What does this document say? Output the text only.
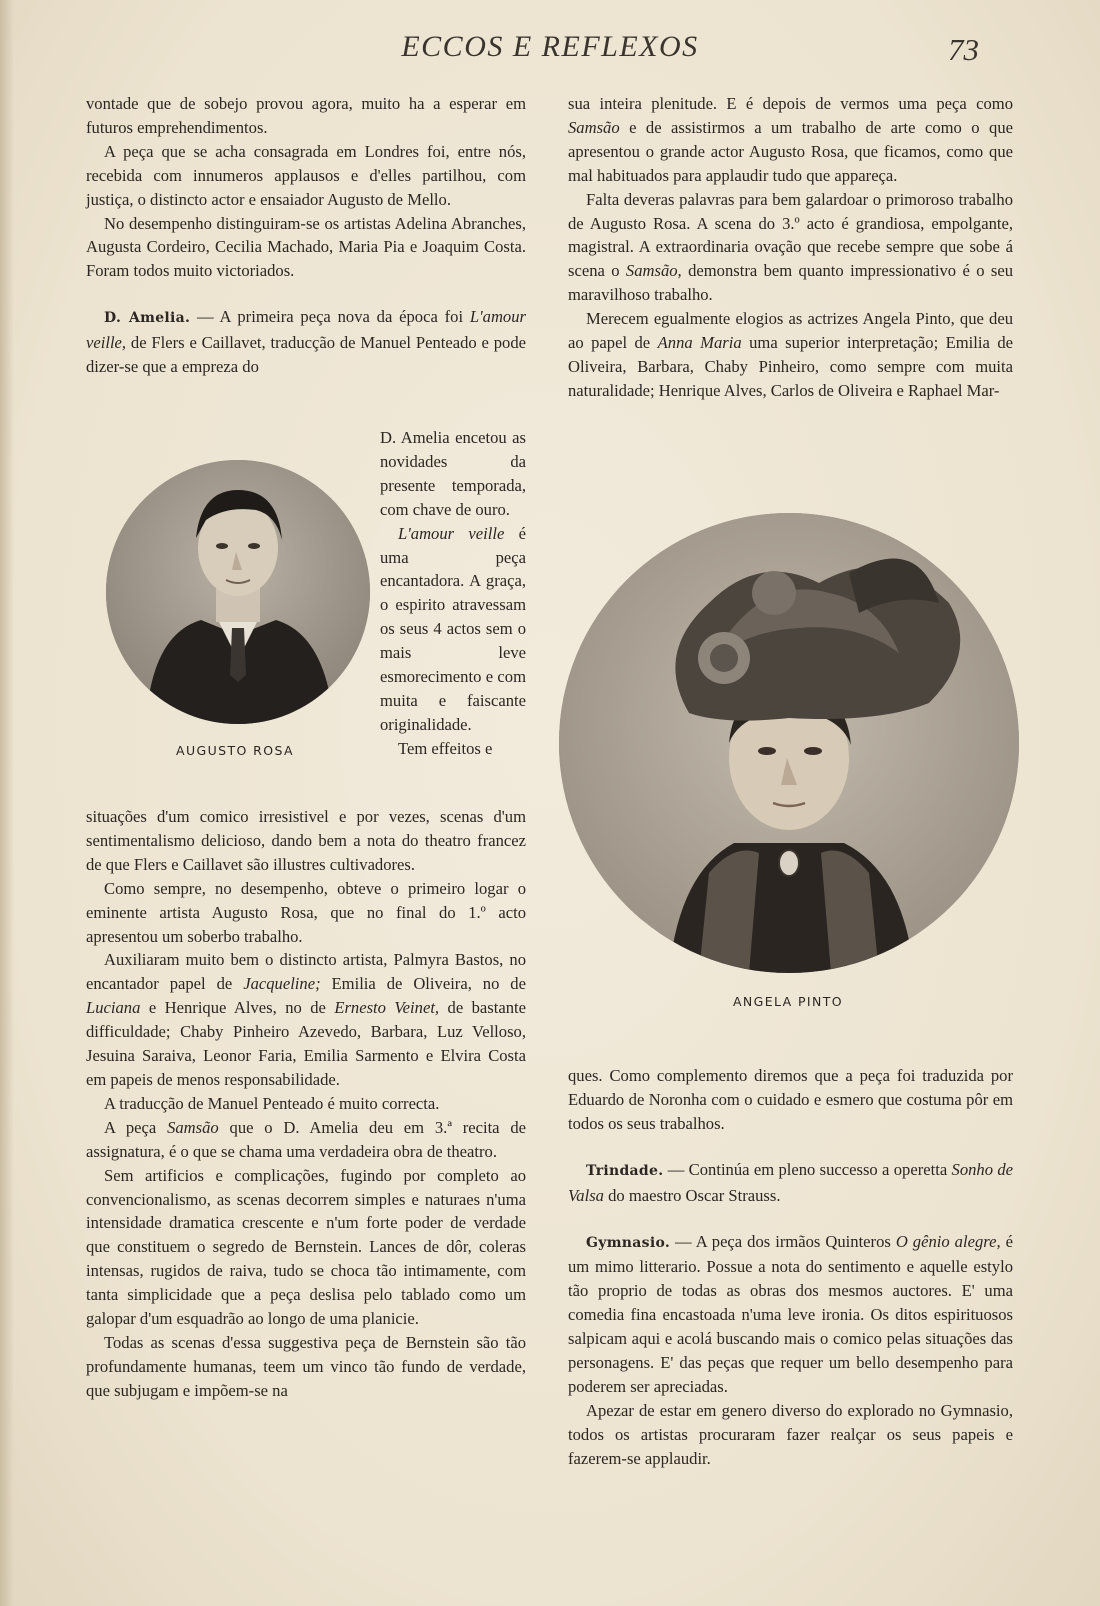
ECCOS E REFLEXOS	73

vontade que de sobejo provou agora, muito ha a esperar em futuros emprehendimentos.

A peça que se acha consagrada em Londres foi, entre nós, recebida com innumeros applausos e d'elles partilhou, com justiça, o distincto actor e ensaiador Augusto de Mello.

No desempenho distinguiram-se os artistas Adelina Abranches, Augusta Cordeiro, Cecilia Machado, Maria Pia e Joaquim Costa. Foram todos muito victoriados.

D. Amelia. — A primeira peça nova da época foi L'amour veille, de Flers e Caillavet, traducção de Manuel Penteado e pode dizer-se que a empreza do

AUGUSTO ROSA

D. Amelia encetou as novidades da presente temporada, com chave de ouro.

L'amour veille é uma peça encantadora. A graça, o espirito atravessam os seus 4 actos sem o mais leve esmorecimento e com muita e faiscante originalidade.

Tem effeitos e

situações d'um comico irresistivel e por vezes, scenas d'um sentimentalismo delicioso, dando bem a nota do theatro francez de que Flers e Caillavet são illustres cultivadores.

Como sempre, no desempenho, obteve o primeiro logar o eminente artista Augusto Rosa, que no final do 1.º acto apresentou um soberbo trabalho.

Auxiliaram muito bem o distincto artista, Palmyra Bastos, no encantador papel de Jacqueline; Emilia de Oliveira, no de Luciana e Henrique Alves, no de Ernesto Veinet, de bastante difficuldade; Chaby Pinheiro Azevedo, Barbara, Luz Velloso, Jesuina Saraiva, Leonor Faria, Emilia Sarmento e Elvira Costa em papeis de menos responsabilidade.

A traducção de Manuel Penteado é muito correcta.

A peça Samsão que o D. Amelia deu em 3.ª recita de assignatura, é o que se chama uma verdadeira obra de theatro.

Sem artificios e complicações, fugindo por completo ao convencionalismo, as scenas decorrem simples e naturaes n'uma intensidade dramatica crescente e n'um forte poder de verdade que constituem o segredo de Bernstein. Lances de dôr, coleras intensas, rugidos de raiva, tudo se choca tão intimamente, com tanta simplicidade que a peça deslisa pelo tablado como um galopar d'um esquadrão ao longo de uma planicie.

Todas as scenas d'essa suggestiva peça de Bernstein são tão profundamente humanas, teem um vinco tão fundo de verdade, que subjugam e impõem-se na

sua inteira plenitude. E é depois de vermos uma peça como Samsão e de assistirmos a um trabalho de arte como o que apresentou o grande actor Augusto Rosa, que ficamos, como que mal habituados para applaudir tudo que appareça.

Falta deveras palavras para bem galardoar o primoroso trabalho de Augusto Rosa. A scena do 3.º acto é grandiosa, empolgante, magistral. A extraordinaria ovação que recebe sempre que sobe á scena o Samsão, demonstra bem quanto impressionativo é o seu maravilhoso trabalho.

Merecem egualmente elogios as actrizes Angela Pinto, que deu ao papel de Anna Maria uma superior interpretação; Emilia de Oliveira, Barbara, Chaby Pinheiro, como sempre com muita naturalidade; Henrique Alves, Carlos de Oliveira e Raphael Mar-

ANGELA PINTO

ques. Como complemento diremos que a peça foi traduzida por Eduardo de Noronha com o cuidado e esmero que costuma pôr em todos os seus trabalhos.

Trindade. — Continúa em pleno successo a operetta Sonho de Valsa do maestro Oscar Strauss.

Gymnasio. — A peça dos irmãos Quinteros O gênio alegre, é um mimo litterario. Possue a nota do sentimento e aquelle estylo tão proprio de todas as obras dos mesmos auctores. E' uma comedia fina encastoada n'uma leve ironia. Os ditos espirituosos salpicam aqui e acolá buscando mais o comico pelas situações das personagens. E' das peças que requer um bello desempenho para poderem ser apreciadas.

Apezar de estar em genero diverso do explorado no Gymnasio, todos os artistas procuraram fazer realçar os seus papeis e fazerem-se applaudir.
